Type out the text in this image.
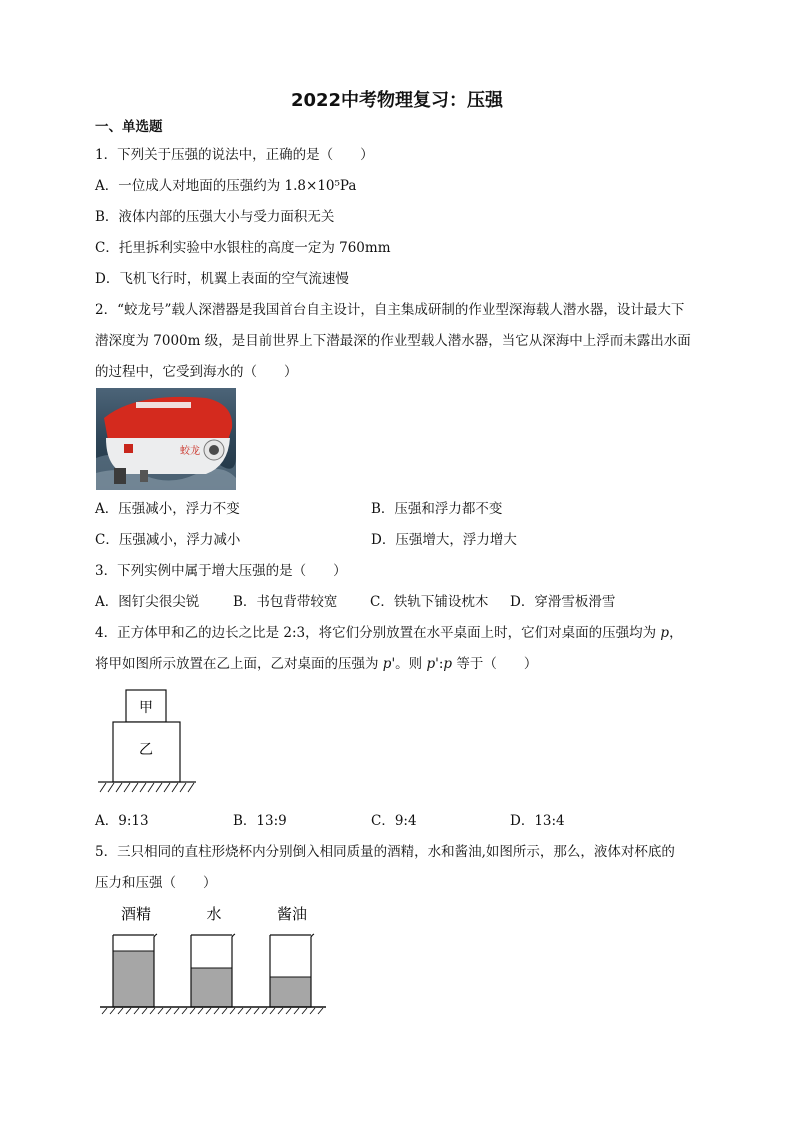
2022中考物理复习：压强
一、单选题
1．下列关于压强的说法中，正确的是（　　）
A．一位成人对地面的压强约为 1.8×10⁵Pa
B．液体内部的压强大小与受力面积无关
C．托里拆利实验中水银柱的高度一定为 760mm
D．飞机飞行时，机翼上表面的空气流速慢
2．“蛟龙号”载人深潜器是我国首台自主设计，自主集成研制的作业型深海载人潜水器，设计最大下
潜深度为 7000m 级，是目前世界上下潜最深的作业型载人潜水器，当它从深海中上浮而未露出水面
的过程中，它受到海水的（　　）
蛟龙
A．压强减小，浮力不变	B．压强和浮力都不变
C．压强减小，浮力减小	D．压强增大，浮力增大
3．下列实例中属于增大压强的是（　　）
A．图钉尖很尖锐	B．书包背带较宽 C．铁轨下铺设枕木 D．穿滑雪板滑雪
4．正方体甲和乙的边长之比是 2:3，将它们分别放置在水平桌面上时，它们对桌面的压强均为 p，
将甲如图所示放置在乙上面，乙对桌面的压强为 p'。则 p':p 等于（　　）
甲
乙
A．9:13	B．13:9	C．9:4	D．13:4
5．三只相同的直柱形烧杯内分别倒入相同质量的酒精，水和酱油,如图所示，那么，液体对杯底的
压力和压强（　　）
酒精	水	酱油
